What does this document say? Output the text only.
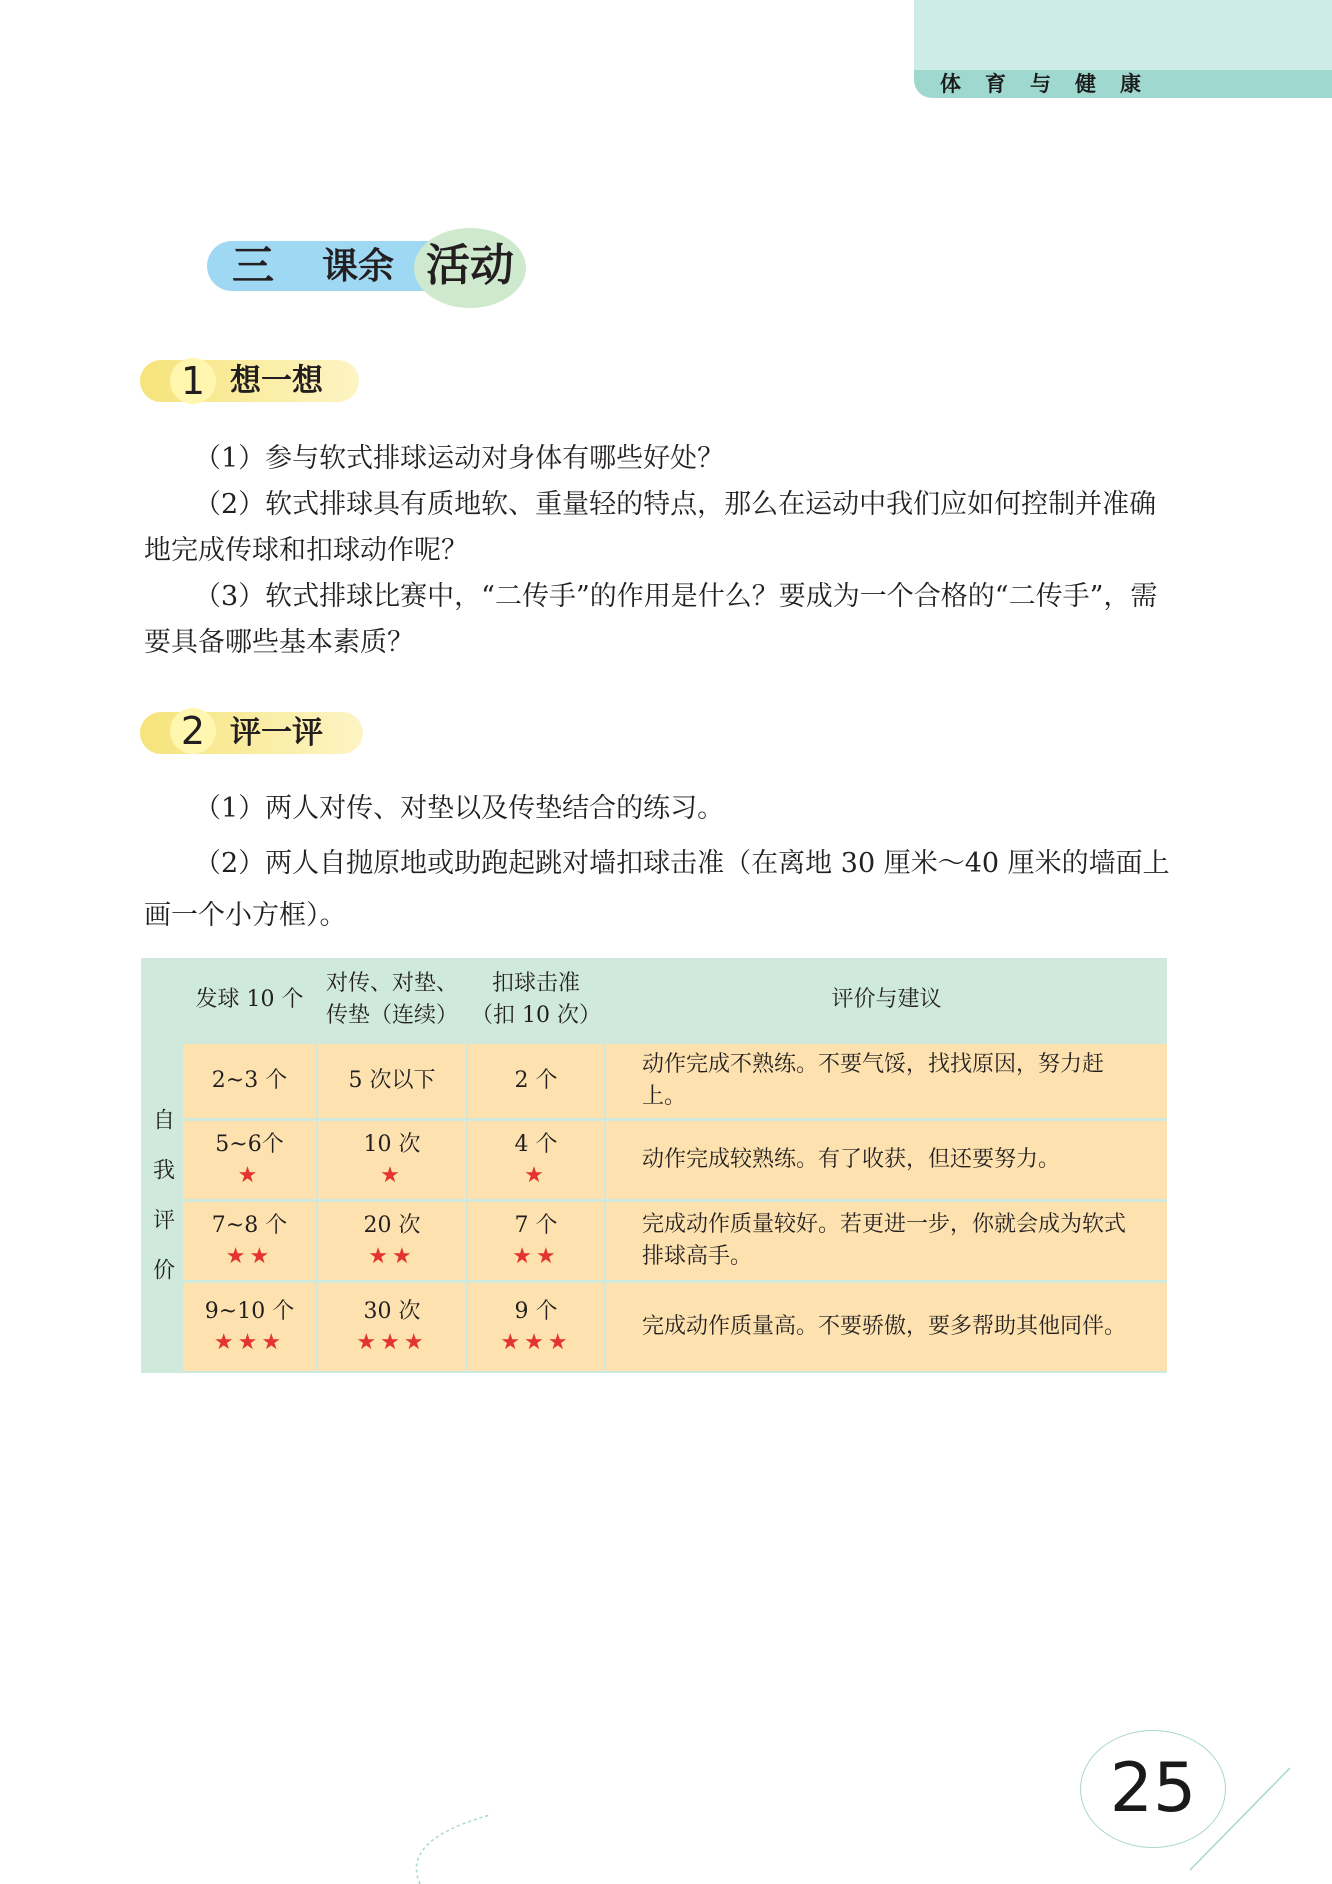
体育与健康
三 课余 活动
1 想一想
（1）参与软式排球运动对身体有哪些好处？
（2）软式排球具有质地软、重量轻的特点，那么在运动中我们应如何控制并准确地完成传球和扣球动作呢？
（3）软式排球比赛中，“二传手”的作用是什么？要成为一个合格的“二传手”，需要具备哪些基本素质？
2 评一评
（1）两人对传、对垫以及传垫结合的练习。
（2）两人自抛原地或助跑起跳对墙扣球击准（在离地 30 厘米～40 厘米的墙面上画一个小方框）。
自我评价
发球 10 个
对传、对垫、
传垫（连续）
扣球击准
（扣 10 次）
评价与建议
2~3 个	5 次以下	2 个
动作完成不熟练。不要气馁，找找原因，努力赶上。
5~6个
★
10 次
★
4 个
★
动作完成较熟练。有了收获，但还要努力。
7~8 个
★★
20 次
★★
7 个
★★
完成动作质量较好。若更进一步，你就会成为软式排球高手。
9~10 个
★★★
30 次
★★★
9 个
★★★
完成动作质量高。不要骄傲，要多帮助其他同伴。
25
